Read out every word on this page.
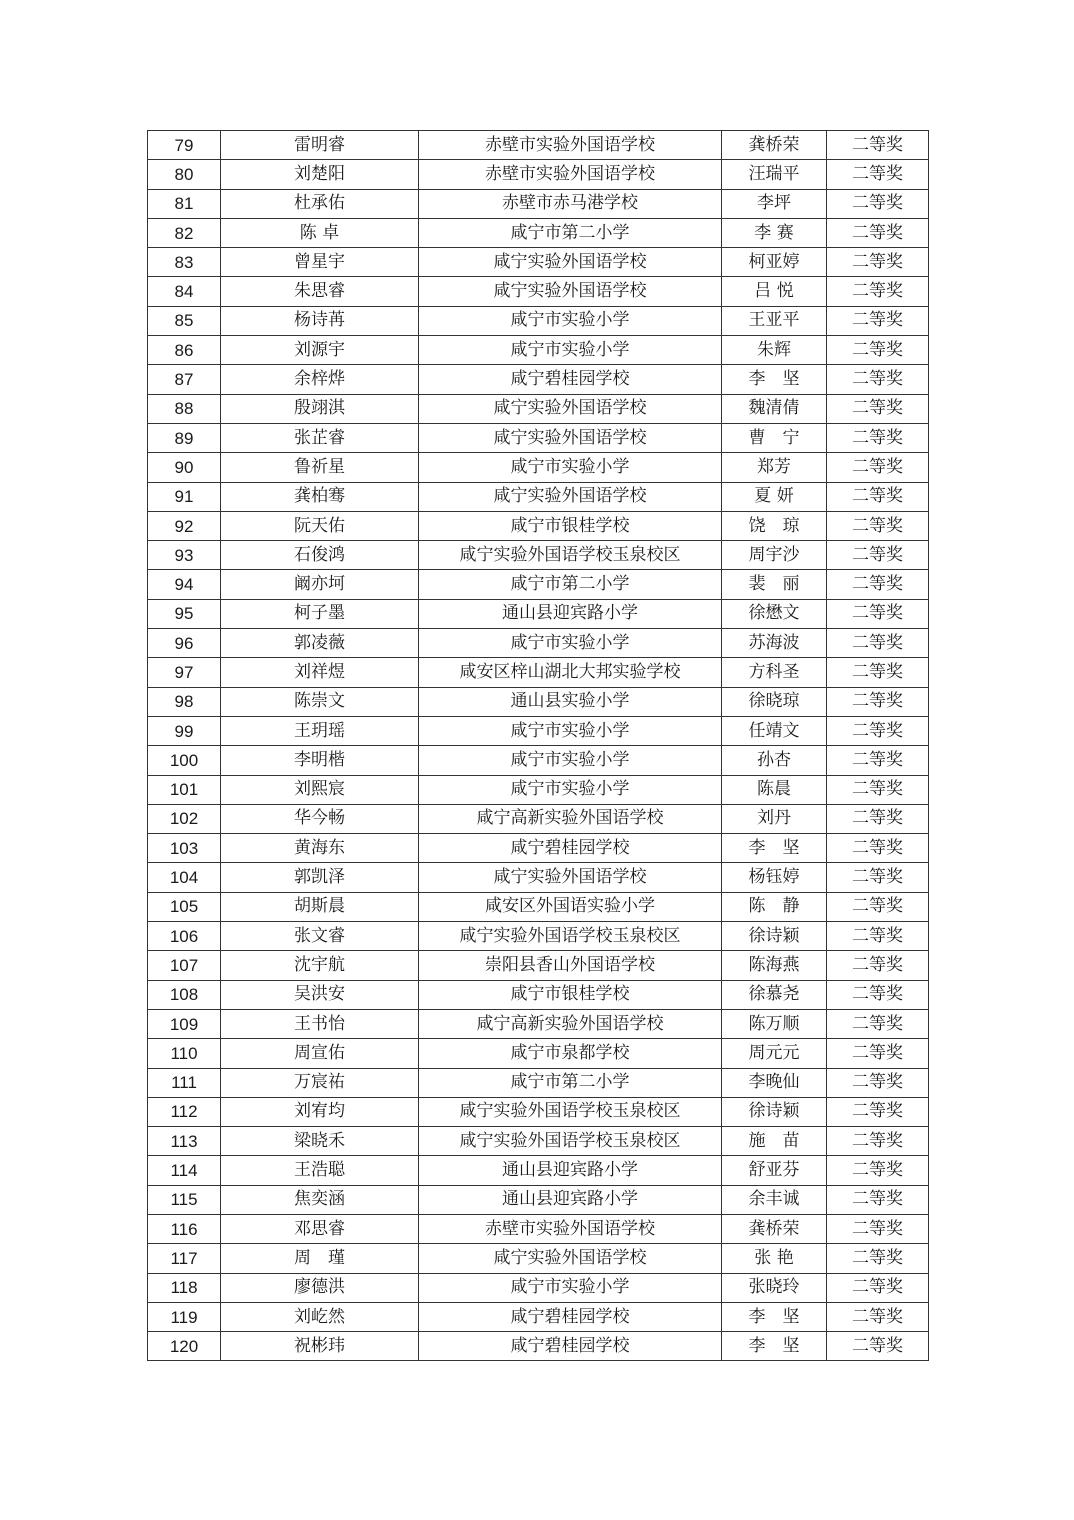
79	雷明睿	赤壁市实验外国语学校	龚桥荣	二等奖
80	刘楚阳	赤壁市实验外国语学校	汪瑞平	二等奖
81	杜承佑	赤壁市赤马港学校	李坪	二等奖
82	陈 卓	咸宁市第二小学	李 赛	二等奖
83	曾星宇	咸宁实验外国语学校	柯亚婷	二等奖
84	朱思睿	咸宁实验外国语学校	吕 悦	二等奖
85	杨诗苒	咸宁市实验小学	王亚平	二等奖
86	刘源宇	咸宁市实验小学	朱辉	二等奖
87	余梓烨	咸宁碧桂园学校	李　坚	二等奖
88	殷翊淇	咸宁实验外国语学校	魏清倩	二等奖
89	张芷睿	咸宁实验外国语学校	曹　宁	二等奖
90	鲁祈星	咸宁市实验小学	郑芳	二等奖
91	龚柏骞	咸宁实验外国语学校	夏 妍	二等奖
92	阮天佑	咸宁市银桂学校	饶　琼	二等奖
93	石俊鸿	咸宁实验外国语学校玉泉校区	周宇沙	二等奖
94	阚亦坷	咸宁市第二小学	裴　丽	二等奖
95	柯子墨	通山县迎宾路小学	徐懋文	二等奖
96	郭凌薇	咸宁市实验小学	苏海波	二等奖
97	刘祥煜	咸安区梓山湖北大邦实验学校	方科圣	二等奖
98	陈崇文	通山县实验小学	徐晓琼	二等奖
99	王玥瑶	咸宁市实验小学	任靖文	二等奖
100	李明楷	咸宁市实验小学	孙杏	二等奖
101	刘熙宸	咸宁市实验小学	陈晨	二等奖
102	华今畅	咸宁高新实验外国语学校	刘丹	二等奖
103	黄海东	咸宁碧桂园学校	李　坚	二等奖
104	郭凯泽	咸宁实验外国语学校	杨钰婷	二等奖
105	胡斯晨	咸安区外国语实验小学	陈　静	二等奖
106	张文睿	咸宁实验外国语学校玉泉校区	徐诗颖	二等奖
107	沈宇航	崇阳县香山外国语学校	陈海燕	二等奖
108	吴洪安	咸宁市银桂学校	徐慕尧	二等奖
109	王书怡	咸宁高新实验外国语学校	陈万顺	二等奖
110	周宣佑	咸宁市泉都学校	周元元	二等奖
111	万宸祐	咸宁市第二小学	李晚仙	二等奖
112	刘宥均	咸宁实验外国语学校玉泉校区	徐诗颖	二等奖
113	梁晓禾	咸宁实验外国语学校玉泉校区	施　苗	二等奖
114	王浩聪	通山县迎宾路小学	舒亚芬	二等奖
115	焦奕涵	通山县迎宾路小学	余丰诚	二等奖
116	邓思睿	赤壁市实验外国语学校	龚桥荣	二等奖
117	周　瑾	咸宁实验外国语学校	张 艳	二等奖
118	廖德洪	咸宁市实验小学	张晓玲	二等奖
119	刘屹然	咸宁碧桂园学校	李　坚	二等奖
120	祝彬玮	咸宁碧桂园学校	李　坚	二等奖
